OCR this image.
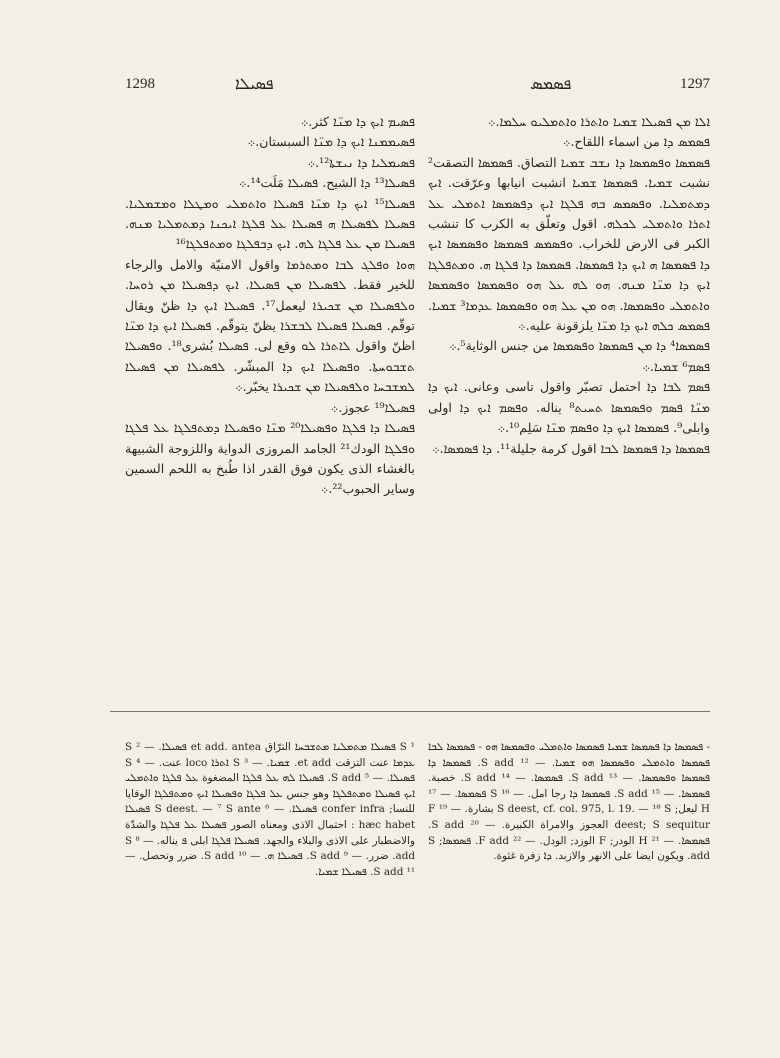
1298	ܦܣܝܠܐ	ܦܣܡܣ	1297

ܦܣܝܡ ܐܝܟ ܕܐ ܡܢ̈ܐ كثر.܀

ܦܣܝܡܡܢܐ ܐܝܟ ܕܐ ܡܢ̈ܐ السبستان.܀

ܦܣܝܡܠܝܐ ܕܐ ܢܝܫܬܐ¹².܀

ܦܣܝܠܐ¹³ ܕܐ الشيح. ܦܣܝܠܐ مَلَت¹⁴.܀

ܦܣܝܠܐ¹⁵ ܐܝܟ ܕܐ ܡܢ̈ܐ ܦܣܝܠܐ ܘܐܬܡܠܝ ܘܡܛܠܐ ܘܡܫܡܠܝܐ. ܦܣܝܠܐ ܠܦܣܝܠܐ ܗ ܦܣܝܠܐ ܥܠ ܦܠܓܐ ܐܝܟܢܐ ܕܡܬܡܠܝܐ ܡܢܗ. ܦܣܝܠܐ ܡܢ ܥܠ ܦܠܓܐ ܠܗ. ܐܝܟ ܕܒܦܠܓܐ ܘܡܬܦܠܓܐ¹⁶

ܗܘܐ ܘܦܠܓ ܠܒܐ ܘܡܬܪܡܐ واقول الامنيّة والامل والرجاء للخير فقط. ܠܦܣܝܠܐ ܡܢ ܦܣܝܠܐ. ܐܝܟ ܕܦܣܝܠܐ ܡܢ ܪܘܚܐ. ܘܠܦܣܝܠܐ ܡܢ ܫܟܝܪܐ ليعمل¹⁷. ܦܣܝܠܐ ܐܝܟ ܕܐ ظنّ ويقال توقّم. ܦܣܝܠܐ ܦܣܝܠܐ ܠܒܫܪܐ يظنّ يتوقّم. ܦܣܝܠܐ ܐܝܟ ܕܐ ܡܢ̈ܐ اظنّ واقول ܠܐܬܪܐ ܠܘ وقع لى. ܦܣܝܠܐ بُشرى¹⁸. ܘܦܣܝܠܐ ܬܫܒܘܚܬܐ. ܘܦܣܝܠܐ ܐܝܟ ܕܐ المبشّر. ܠܦܣܝܠܐ ܡܢ ܦܣܝܠܐ ܠܡܫܒܚܐ ܘܠܦܣܝܠܐ ܡܢ ܫܟܝܪܐ يخبّر.܀

ܦܣܝܠܐ¹⁹ عجوز.܀

ܦܣܝܠܐ ܕܐ ܦܠܓܐ ܘܦܣܝܠܐ²⁰ ܡܢ̈ܐ ܘܦܣܝܠܐ ܕܡܬܦܠܓܐ ܥܠ ܦܠܓܐ ܘܦܠܓܐ الودك²¹ الجامد المروزى الدواية واللزوجة الشبيهة بالغشاء الذى يكون فوق القدر اذا طُبخ به اللحم السمين وساير الحبوب²².܀

ܐܠܐ ܡܢ ܦܣܝܠܐ ܫܡܝܐ ܘܐܬܪܐ ܘܐܬܡܠܝܘ ܚܠܡܐ.܀

ܦܣܡܣ ܕܐ من اسماء اللقاح.܀

ܦܣܡܣܐ ܘܦܣܡܣܐ ܕܐ ܢܫܒ ܫܡܝܐ التصاق. ܦܣܡܣܐ التصقت² نشبت ܫܡܝܐ. ܦܣܡܣܐ ܫܡܝܐ انشبت انيابها وعرّقت. ܐܝܟ ܕܡܬܡܠܝܐ. ܘܦܣܡܣ ܒܗ ܦܠܓܐ ܐܝܟ ܕܦܣܡܣܐ ܐܬܡܠܝ ܥܠ ܐܬܪܐ ܘܐܬܡܠܝ ܠܟܠܗ. اقول وتعلّق به الكرب كا تنشب الكبر فى الارض للخراب. ܘܦܣܡܣ ܦܣܡܣܐ ܘܦܣܡܣܐ ܐܝܟ ܕܐ ܦܣܡܣܐ ܗ ܐܝܟ ܕܐ ܦܣܡܣܐ. ܦܣܡܣܐ ܕܐ ܦܠܓܐ ܗ. ܘܡܬܦܠܓܐ ܐܝܟ ܕܐ ܡܢ̈ܐ ܡܢܗ. ܗܘ ܠܗ ܥܠ ܗܘ ܘܦܣܡܣܐ ܘܦܣܡܣܐ ܘܐܬܡܠܝ ܘܦܣܡܣܐ. ܗܘ ܡܢ ܥܠ ܗܘ ܘܦܣܡܣܐ ܥܕܡܐ³ ܫܡܝܐ. ܦܣܡܣ ܟܠܗ ܐܝܟ ܕܐ ܡܢ̈ܐ يلزقونة عليه.܀

ܦܣܡܣܐ⁴ ܕܐ ܡܢ ܦܣܡܣܐ ܘܦܣܡܣܐ من جنس الوثاية⁵.܀

ܦܣܡ⁶ ܫܡܝܐ.܀

ܦܣܡ ܠܒܐ ܕܐ احتمل تصبّر واقول تاسى وعانى. ܐܝܟ ܕܐ ܡܢ̈ܐ ܦܣܡ ܘܦܣܡܣܐ ܬܚܝܬ⁸ يناله. ܘܦܣܡ ܐܝܟ ܕܐ اولى وابلى⁹. ܦܣܡܣܐ ܐܝܟ ܕܐ ܘܦܣܡ ܡܢ̈ܐ سَلِم¹⁰.܀

ܦܣܡܣܐ ܕܐ ܦܣܡܣܐ ܠܒܐ اقول كرمة جليلة¹¹. ܕܐ ܦܣܡܣܐ.܀

¹ S ܦܣܝܠܐ ܡܬܡܠܝܐ ܡܬܫܒܚܐ الترّاق et add. antea ܦܣܝܠܐ. — ² S ܥܕܡܐ عنت التزقت et add. ܫܡܝܐ. — ³ S ܐܬܪܐ loco عنت. — ⁴ S ܦܣܝܠܐ. — ⁵ S add. ܦܣܝܠܐ ܠܗ ܥܠ ܦܠܓܐ المضغوة ܥܠ ܦܠܓܐ ܘܐܬܡܠܝ ܐܝܟ ܦܣܝܠܐ ܘܡܬܦܠܓܐ وهو جنس ܥܠ ܦܠܓܐ ܘܦܣܝܠܐ ܐܝܟ ܘܡܬܦܠܓܐ الوقايا للنسا; confer infra ܦܣܝܠܐ. — ⁶ S deest. — ⁷ S ante ܦܣܝܠܐ hæc habet : احتمال الاذى ومعناه الصور ܦܣܝܠܐ ܥܠ ܦܠܓܐ والشدّة والاضطبار على الاذى والبلاء والجهد. ܦܣܝܠܐ ܦܠܓܐ ابلى ܦ يناله. — ⁸ S add. ضرر. — ⁹ S add. ܦܣܝܠܐ ܗ. — ¹⁰ S add. ضرر وتحصل. — ¹¹ S add. ܦܣܝܠܐ ܫܡܝܐ.

- ܦܣܡܣܐ ܕܐ ܦܣܡܣܐ ܫܡܝܐ ܦܣܡܣܐ ܘܐܬܡܠܝ ܘܦܣܡܣܐ ܗܘ - ܦܣܡܣܐ ܠܒܐ ܦܣܡܣܐ ܘܐܬܡܠܝ ܘܦܣܡܣܐ ܗܘ ܫܡܝܐ. — ¹² S add. ܦܣܡܣܐ ܕܐ ܦܣܡܣܐ ܘܦܣܡܣܐ. — ¹³ S add. ܦܣܡܣܐ. — ¹⁴ S add. خصبة. ܦܣܡܣܐ. — ¹⁵ S add. ܦܣܡܣܐ ܕܐ رجا امل. — ¹⁶ S ܦܣܡܣܐ. — ¹⁷ H ليعل; S deest, cf. col. 975, l. 19. — ¹⁸ S بشارة. — ¹⁹ F deest; S sequitur العجوز والامراة الكبيرة. — ²⁰ S add. ܦܣܡܣܐ. — ²¹ H الودر; F الوزد; الودل. — ²² F add. ܦܣܡܣܐ; S add. ويكون ايضا على الانهر والازبد. ܕܐ زفرة غثوة.
